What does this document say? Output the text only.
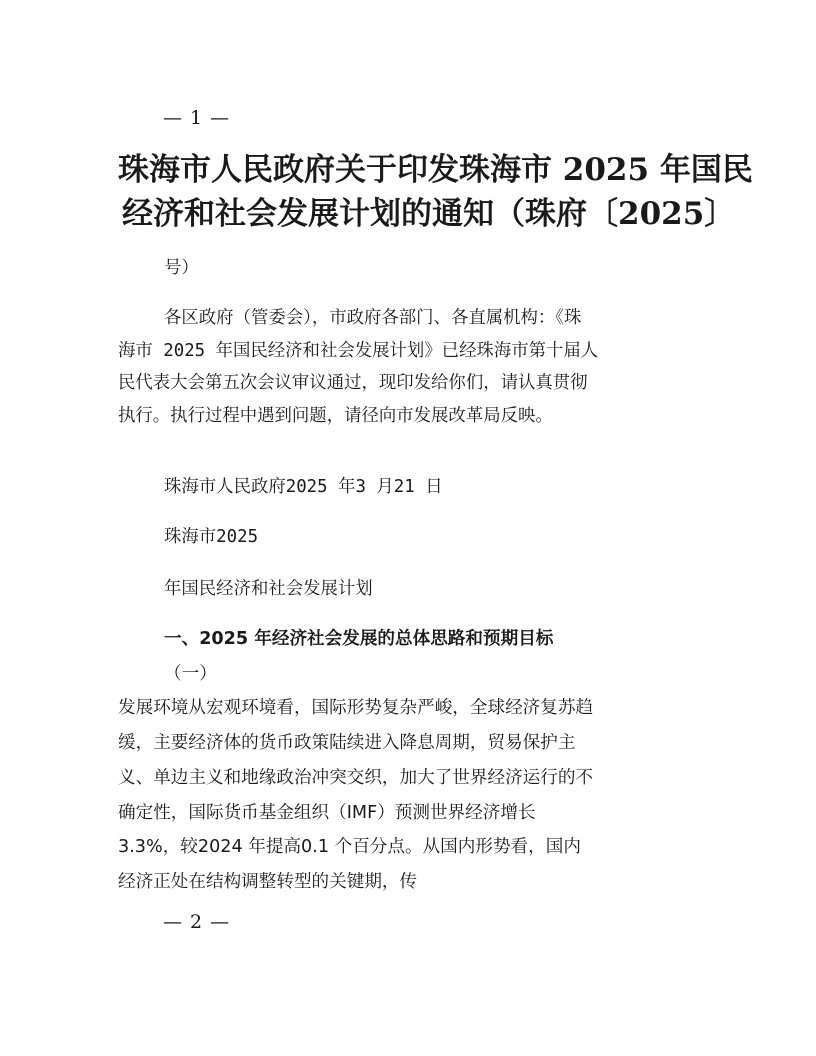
— 1 —
珠海市人民政府关于印发珠海市 2025 年国民
经济和社会发展计划的通知（珠府〔2025〕
号）
各区政府（管委会），市政府各部门、各直属机构：《珠
海市 2025 年国民经济和社会发展计划》已经珠海市第十届人
民代表大会第五次会议审议通过，现印发给你们，请认真贯彻
执行。执行过程中遇到问题，请径向市发展改革局反映。
珠海市人民政府2025 年3 月21 日
珠海市2025
年国民经济和社会发展计划
一、2025 年经济社会发展的总体思路和预期目标
（一）
发展环境从宏观环境看，国际形势复杂严峻，全球经济复苏趋
缓，主要经济体的货币政策陆续进入降息周期，贸易保护主
义、单边主义和地缘政治冲突交织，加大了世界经济运行的不
确定性，国际货币基金组织（IMF）预测世界经济增长
3.3%，较2024 年提高0.1 个百分点。从国内形势看，国内
经济正处在结构调整转型的关键期，传
— 2 —
